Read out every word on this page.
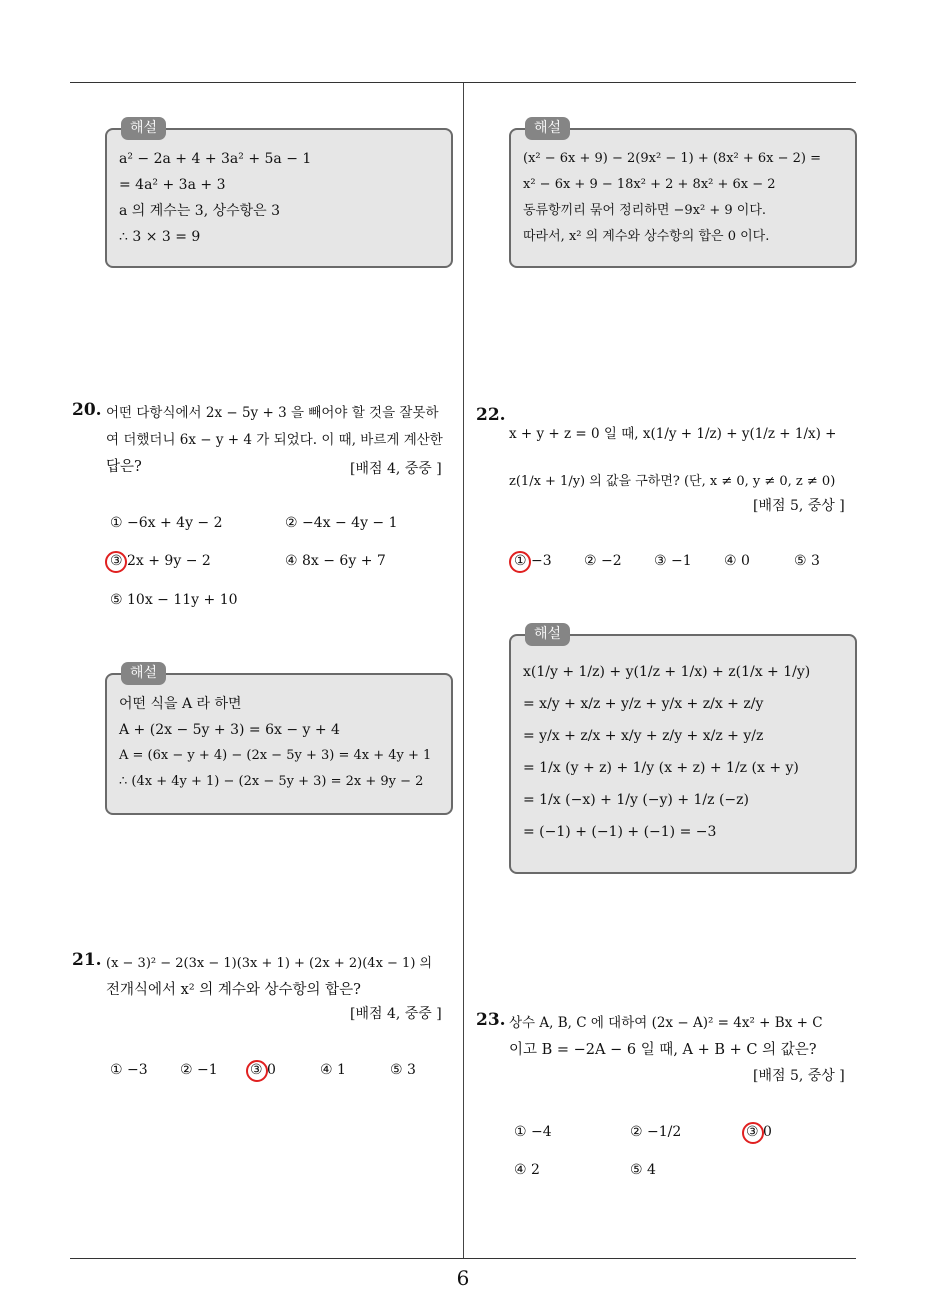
6
해설
a² − 2a + 4 + 3a² + 5a − 1
= 4a² + 3a + 3
a 의 계수는 3, 상수항은 3
∴ 3 × 3 = 9
해설
(x² − 6x + 9) − 2(9x² − 1) + (8x² + 6x − 2) =
x² − 6x + 9 − 18x² + 2 + 8x² + 6x − 2
동류항끼리 묶어 정리하면 −9x² + 9 이다.
따라서, x² 의 계수와 상수항의 합은 0 이다.
20. 어떤 다항식에서 2x − 5y + 3 을 빼어야 할 것을 잘못하
여 더했더니 6x − y + 4 가 되었다. 이 때, 바르게 계산한
답은?	[배점 4, 중중 ]
① −6x + 4y − 2	② −4x − 4y − 1
③ 2x + 9y − 2	④ 8x − 6y + 7
⑤ 10x − 11y + 10
해설
어떤 식을 A 라 하면
A + (2x − 5y + 3) = 6x − y + 4
A = (6x − y + 4) − (2x − 5y + 3) = 4x + 4y + 1
∴ (4x + 4y + 1) − (2x − 5y + 3) = 2x + 9y − 2
21. (x − 3)² − 2(3x − 1)(3x + 1) + (2x + 2)(4x − 1) 의
전개식에서 x² 의 계수와 상수항의 합은?
[배점 4, 중중 ]
① −3 ② −1 ③ 0	④ 1	⑤ 3
22.
x + y + z = 0 일 때, x(1/y + 1/z) + y(1/z + 1/x) +
z(1/x + 1/y) 의 값을 구하면? (단, x ≠ 0, y ≠ 0, z ≠ 0)
[배점 5, 중상 ]
① −3 ② −2 ③ −1 ④ 0	⑤ 3
해설
x(1/y + 1/z) + y(1/z + 1/x) + z(1/x + 1/y)
= x/y + x/z + y/z + y/x + z/x + z/y
= y/x + z/x + x/y + z/y + x/z + y/z
= 1/x (y + z) + 1/y (x + z) + 1/z (x + y)
= 1/x (−x) + 1/y (−y) + 1/z (−z)
= (−1) + (−1) + (−1) = −3
23. 상수 A, B, C 에 대하여 (2x − A)² = 4x² + Bx + C
이고 B = −2A − 6 일 때, A + B + C 의 값은?
[배점 5, 중상 ]
① −4	② −1/2	③ 0
④ 2	⑤ 4
